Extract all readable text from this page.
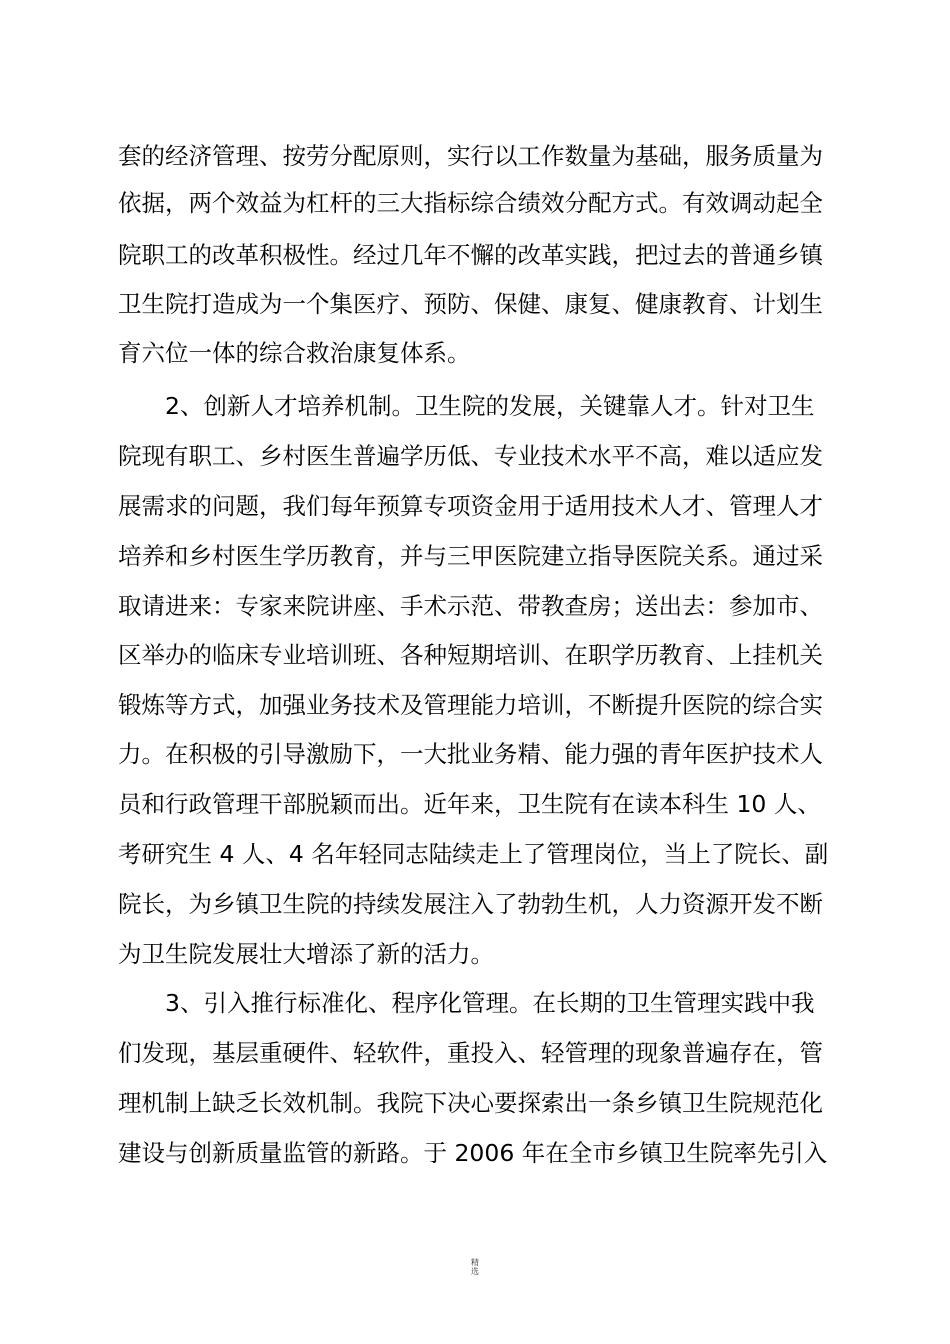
套的经济管理、按劳分配原则，实行以工作数量为基础，服务质量为
依据，两个效益为杠杆的三大指标综合绩效分配方式。有效调动起全
院职工的改革积极性。经过几年不懈的改革实践，把过去的普通乡镇
卫生院打造成为一个集医疗、预防、保健、康复、健康教育、计划生
育六位一体的综合救治康复体系。
2、创新人才培养机制。卫生院的发展，关键靠人才。针对卫生
院现有职工、乡村医生普遍学历低、专业技术水平不高，难以适应发
展需求的问题，我们每年预算专项资金用于适用技术人才、管理人才
培养和乡村医生学历教育，并与三甲医院建立指导医院关系。通过采
取请进来：专家来院讲座、手术示范、带教查房；送出去：参加市、
区举办的临床专业培训班、各种短期培训、在职学历教育、上挂机关
锻炼等方式，加强业务技术及管理能力培训，不断提升医院的综合实
力。在积极的引导激励下，一大批业务精、能力强的青年医护技术人
员和行政管理干部脱颖而出。近年来，卫生院有在读本科生 10 人、
考研究生 4 人、4 名年轻同志陆续走上了管理岗位，当上了院长、副
院长，为乡镇卫生院的持续发展注入了勃勃生机，人力资源开发不断
为卫生院发展壮大增添了新的活力。
3、引入推行标准化、程序化管理。在长期的卫生管理实践中我
们发现，基层重硬件、轻软件，重投入、轻管理的现象普遍存在，管
理机制上缺乏长效机制。我院下决心要探索出一条乡镇卫生院规范化
建设与创新质量监管的新路。于 2006 年在全市乡镇卫生院率先引入
精
选
